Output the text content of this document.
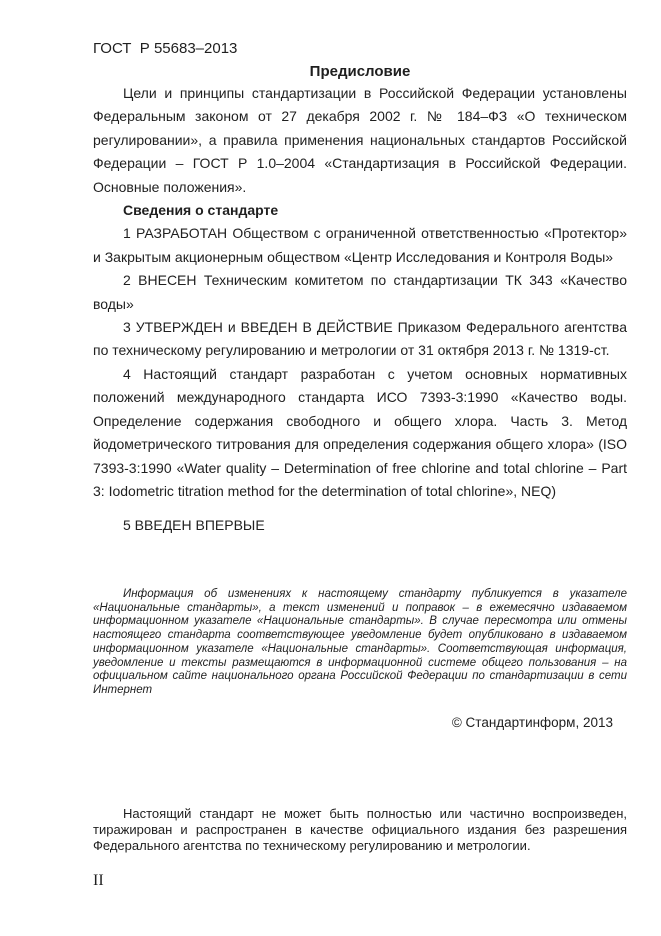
ГОСТ  Р 55683–2013
Предисловие

Цели и принципы стандартизации в Российской Федерации установлены Федеральным законом от 27 декабря 2002 г. № 184–ФЗ «О техническом регулировании», а правила применения национальных стандартов Российской Федерации – ГОСТ Р 1.0–2004 «Стандартизация в Российской Федерации. Основные положения».

Сведения о стандарте

1 РАЗРАБОТАН Обществом с ограниченной ответственностью «Протектор» и Закрытым акционерным обществом «Центр Исследования и Контроля Воды»

2 ВНЕСЕН Техническим комитетом по стандартизации ТК 343 «Качество воды»

3 УТВЕРЖДЕН и ВВЕДЕН В ДЕЙСТВИЕ Приказом Федерального агентства по техническому регулированию и метрологии от 31 октября 2013 г. № 1319-ст.

4 Настоящий стандарт разработан с учетом основных нормативных положений международного стандарта ИСО 7393-3:1990 «Качество воды. Определение содержания свободного и общего хлора. Часть 3. Метод йодометрического титрования для определения содержания общего хлора» (ISO 7393-3:1990 «Water quality – Determination of free chlorine and total chlorine – Part 3: Iodometric titration method for the determination of total chlorine», NEQ)

5 ВВЕДЕН ВПЕРВЫЕ

Информация об изменениях к настоящему стандарту публикуется в указателе «Национальные стандарты», а текст изменений и поправок – в ежемесячно издаваемом информационном указателе «Национальные стандарты». В случае пересмотра или отмены настоящего стандарта соответствующее уведомление будет опубликовано в издаваемом информационном указателе «Национальные стандарты». Соответствующая информация, уведомление и тексты размещаются в информационной системе общего пользования – на официальном сайте национального органа Российской Федерации по стандартизации в сети Интернет

© Стандартинформ, 2013

Настоящий стандарт не может быть полностью или частично воспроизведен, тиражирован и распространен в качестве официального издания без разрешения Федерального агентства по техническому регулированию и метрологии.

II
